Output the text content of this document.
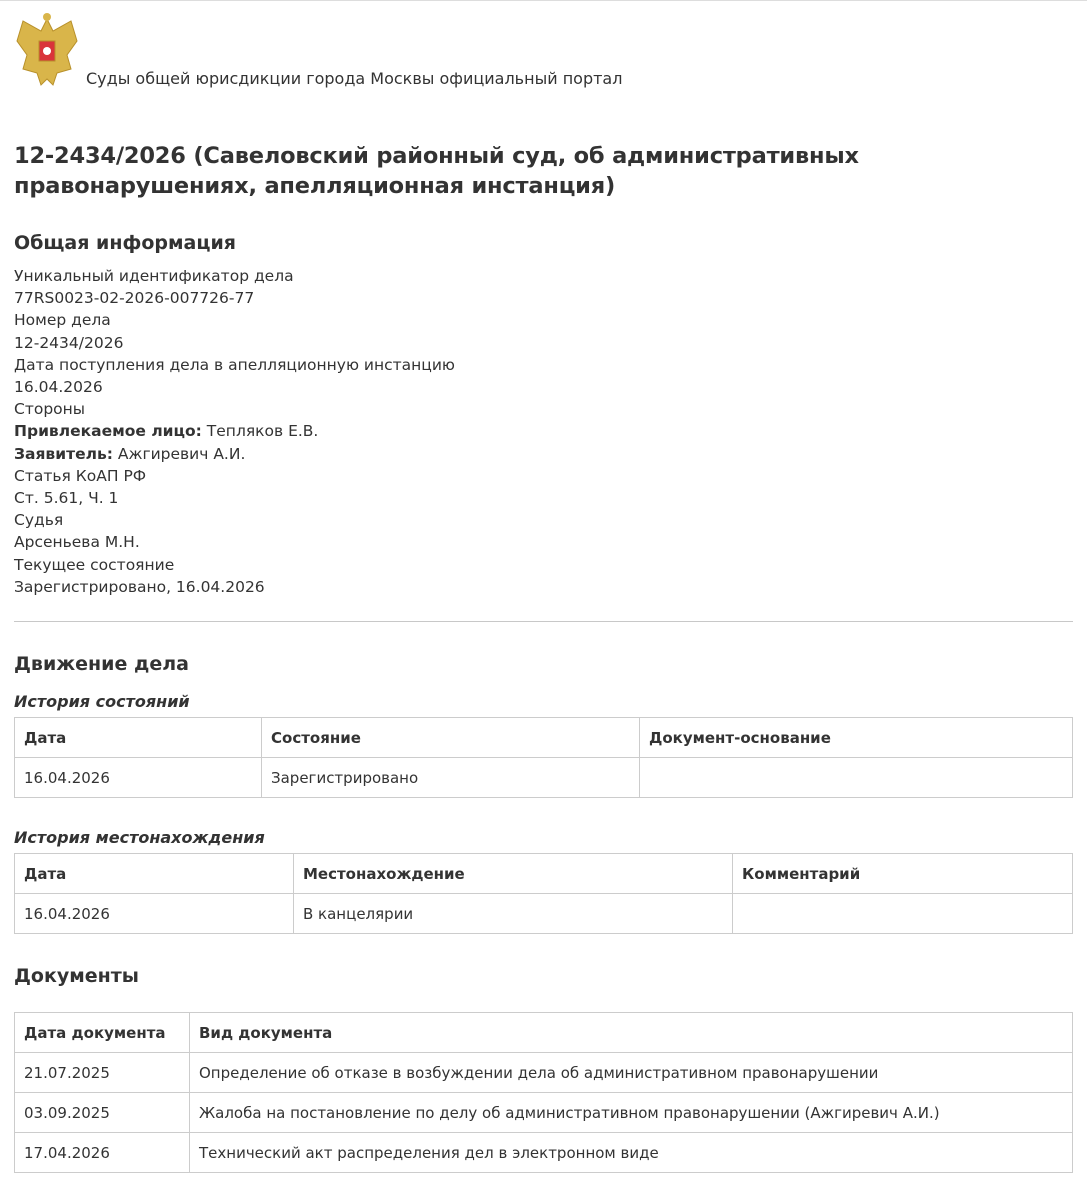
Суды общей юрисдикции города Москвы официальный портал
12-2434/2026 (Савеловский районный суд, об административных правонарушениях, апелляционная инстанция)
Общая информация
Уникальный идентификатор дела
77RS0023-02-2026-007726-77
Номер дела
12-2434/2026
Дата поступления дела в апелляционную инстанцию
16.04.2026
Стороны
Привлекаемое лицо: Тепляков Е.В.
Заявитель: Ажгиревич А.И.
Статья КоАП РФ
Ст. 5.61, Ч. 1
Судья
Арсеньева М.Н.
Текущее состояние
Зарегистрировано, 16.04.2026
Движение дела
История состояний
Дата	Состояние	Документ-основание
16.04.2026	Зарегистрировано	
История местонахождения
Дата	Местонахождение	Комментарий
16.04.2026	В канцелярии	
Документы
Дата документа	Вид документа
21.07.2025	Определение об отказе в возбуждении дела об административном правонарушении
03.09.2025	Жалоба на постановление по делу об административном правонарушении (Ажгиревич А.И.)
17.04.2026	Технический акт распределения дел в электронном виде
